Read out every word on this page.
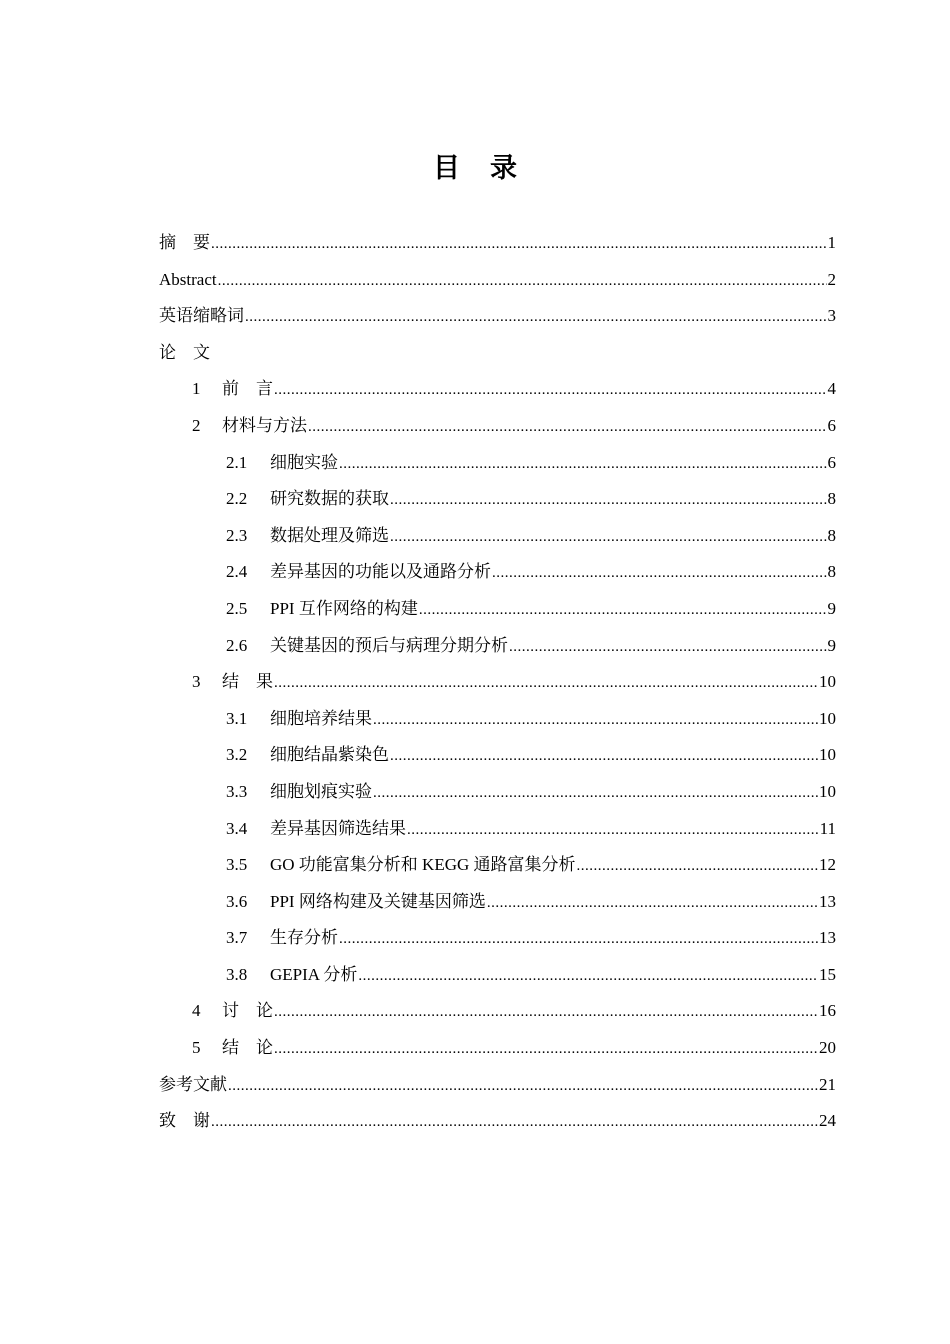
目 录
摘　要 .....	1
Abstract .....	2
英语缩略词 .....	3
论　文
1	前　言 .....	4
2	材料与方法 .....	6
2.1	细胞实验 .....	6
2.2	研究数据的获取 .....	8
2.3	数据处理及筛选 .....	8
2.4	差异基因的功能以及通路分析 .....	8
2.5	PPI 互作网络的构建 .....	9
2.6	关键基因的预后与病理分期分析 .....	9
3	结　果 .....	10
3.1	细胞培养结果 .....	10
3.2	细胞结晶紫染色 .....	10
3.3	细胞划痕实验 .....	10
3.4	差异基因筛选结果 .....	11
3.5	GO 功能富集分析和 KEGG 通路富集分析 .....	12
3.6	PPI 网络构建及关键基因筛选 .....	13
3.7	生存分析 .....	13
3.8	GEPIA 分析 .....	15
4	讨　论 .....	16
5	结　论 .....	20
参考文献 .....	21
致　谢 .....	24
